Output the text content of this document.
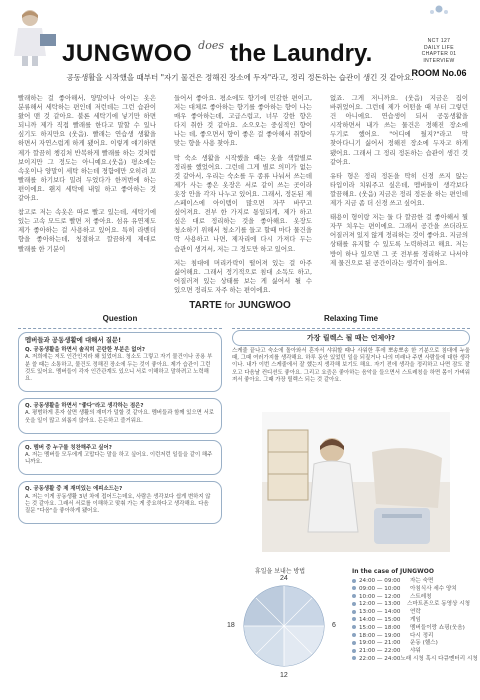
JUNGWOO does the Laundry.	NCT 127
DAILY LIFE
CHAPTER 01
INTERVIEW
ROOM No.06
공동생활을 시작했을 때부터 "자기 물건은 정해진 장소에 두자"라고, 정리 정돈하는 습관이 생긴 것 같아요.

빨래하는 걸 좋아해서, 양말이나 아이는 옷은 분류해서 세탁하는 편인데 저런데는 그런 습관이 왔어 맨 것 같아요. 불론 세탁기에 넣기만 하면 되니까 제가 직접 빨래를 한다고 말할 수 있나 싶기도 하지만요 (웃음). 빨래는 연습생 생활을 하면서 자연스럽게 하게 됐어요. 이렇게 얘기하면 제가 깔끔히 챙김처 반복하게 빨래를 하는 것처럼 보이지만 그 정도는 아니예요.(웃음) 평소에는 속옷이나 양말이 세탁 하는데 졍함에만 오히려 꼬 빨래를 하기보다 밀려 두었다가 한꺼번에 하는 편이에요. 왠지 세탁에 내일 하고 좋아하는 것 같아요.

참고로 저는 속옷은 따로 빨고 있는데, 세탁기에 있는 고속 모드로 빨면 저 좋아요. 섬유 유연제도 제가 좋아하는 걸 사용하고 있어요. 특히 라벤더 향을 좋아하는데, 청결하고 깔끔하게 제대로 빨래를 한 기분이

들어서 좋아요. 평소에도 향기에 민감한 편이고, 저는 대체로 좋아하는 향기를 좋아하는 향이 나는 매우 좋아하는데, 고급스럽고, 너무 강한 향은 다지 취한 것 같아요. 소으오는 중심적인 향이 나는 데, 좋으면서 향이 좋은 걸 좋아해서 취향이 맞는 향을 사용 찾아요.

막 숙소 생활을 시작했을 때는 옷을 색깔별로 정리를 했었어요. 그런데 그게 별로 의미가 없는 것 같아서, 우리는 숙소를 두 종류 나눠서 쓰는데 제가 사는 좋은 옷장은 서로 같이 쓰는 곳이라 옷장 안을 각자 나누고 있어요. 그래서, 정돈된 제 스페이스에 아이템이 많으면 자꾸 바꾸고 싶어져요. 전부 한 가지로 통일되게, 제가 하고 싶은 대로 정리하는 것을 좋아해요. 옷장도 청소하기 위해서 청소기를 들고 할때 마다 물건을 딱 사용하고 나면, 제자리에 다시 가져다 두는 습관이 생겨서, 저는 그 정도만 하고 있어요.

저는 침대에 머리카락이 떨어져 있는 걸 아주 싫어해요. 그래서 정기적으로 침대 소독도 하고, 어질러져 있는 상태를 보는 게 싫어서 될 수 있으면 정리도 자주 하는 편이에요.

없죠. 그게 저니까요. (웃음) 지금은 집이 바뀌었어요. 그런데 제가 어떤을 때 부터 그렇던 건 아니에요. 연습생이 되서 공동생활을 시작하면서 내가 쓰는 물건은 정해진 장소에 두기로 했어요. "어디에 뒀지?"라고 막 찾아다니기 싫어서 정해진 장소에 두자고 하게 됐어요. 그래서 그 정리 정돈하는 습관이 생긴 것 같아요.

유타 형은 정리 정돈을 딱히 신경 쓰지 않는 타입이라 치워주고 싶은데, 멤버들이 생각보다 깔끔해요. (웃음) 지금은 정리 정돈을 하는 편인데 제가 지금 좀 더 신경 쓰고 싶어요.

태용이 형이랑 저는 둘 다 깔끔한 걸 좋아해서 뭘 자꾸 치우는 편이에요. 그래서 공간을 쓰더라도 어질러져 있지 않게 정리하는 것이 좋아요. 지금의 상태를 유지할 수 있도록 노력하려고 해요. 저는 방이 하나 있으면 그 곳 전부를 정리하고 나서야 제 물건으로 된 공간이라는 생각이 들어요.

TARTE for JUNGWOO
Question	Relaxing Time
멤버들과 공동생활에 대해서 질문!
Q. 공동생활을 하면서 솔직히 곤란한 부분은 없어?
A. 저희에는 저도 인간인지라 왜 있었어요. 청소도 그렇고 자기 물건이나 공용 부분 쓸 때는 소통하고, 물건도 정해진 장소에 두는 것이 좋아요. 제가 습관이 그런 것도 있어요. 멤버들이 각자 인간관계도 있으니 서로 이해하고 말하려고 노력해요.
Q. 공동생활을 하면서 "좋다"라고 생각하는 점은?
A. 평범하게 혼자 살면 생활의 재미가 덜할 것 같아요. 멤버들과 함께 있으면 서로 웃을 일이 많고 외롭지 않아요. 든든하고 즐거워요.
Q. 멤버 중 누구를 칭찬해주고 싶어?
A. 저는 멤버들 모두에게 고맙다는 말을 하고 싶어요. 이런저런 일들을 같이 해주니까요.
Q. 공동생활 중 제 재미있는 에피소드는?
A. 저는 이게 공동생활 3년 차에 접어드는데요, 사람은 생각보다 쉽게 변하지 않는 것 같아요. 그래서 서로를 이해하고 맞춰 가는 게 중요하다고 생각해요. 다음 질문 "다음"을 좋아하게 됐어요.
가장 릴렉스 될 때는 언제야?
스케줄 끝나고 숙소에 돌아와서 혼자서 샤워할 때나 사워한 후에 뽀송뽀송 한 기분으로 침대에 누울 때, 그때 여러가지를 생각해요. 하루 동안 있었던 일을 되짚거나 나의 미래나 주변 사람들에 대한 생각이나. 내가 이번 스케줄에서 잘 했는지 생각해 보기도 해요. 자기 전에 생각을 정리하고 나면 잠도 잘 오고 다음날 컨디션도 좋아요. 그리고 요즘은 좋아하는 음악을 들으면서 스트레칭을 하면 몸이 가벼워져서 좋아요. 그때 가장 릴렉스 되는 것 같아요.
휴일을 보내는 방법
24
6
12
18
In the case of JUNGWOO
24:00 — 09:00	자는 숙면
09:00 — 10:00	아침식사 세수 양치
10:00 — 12:00	스트레칭
12:00 — 13:00	스마트폰으로 동영상 시청
13:00 — 14:00	연락
14:00 — 15:00	게임
15:00 — 18:00	멤버들이랑 쇼핑(웃음)
18:00 — 19:00	다시 정리
19:00 — 21:00	운동 (헬스)
21:00 — 22:00	샤워
22:00 — 24:00 노래 시청 혹시 다큐멘터리 시청
